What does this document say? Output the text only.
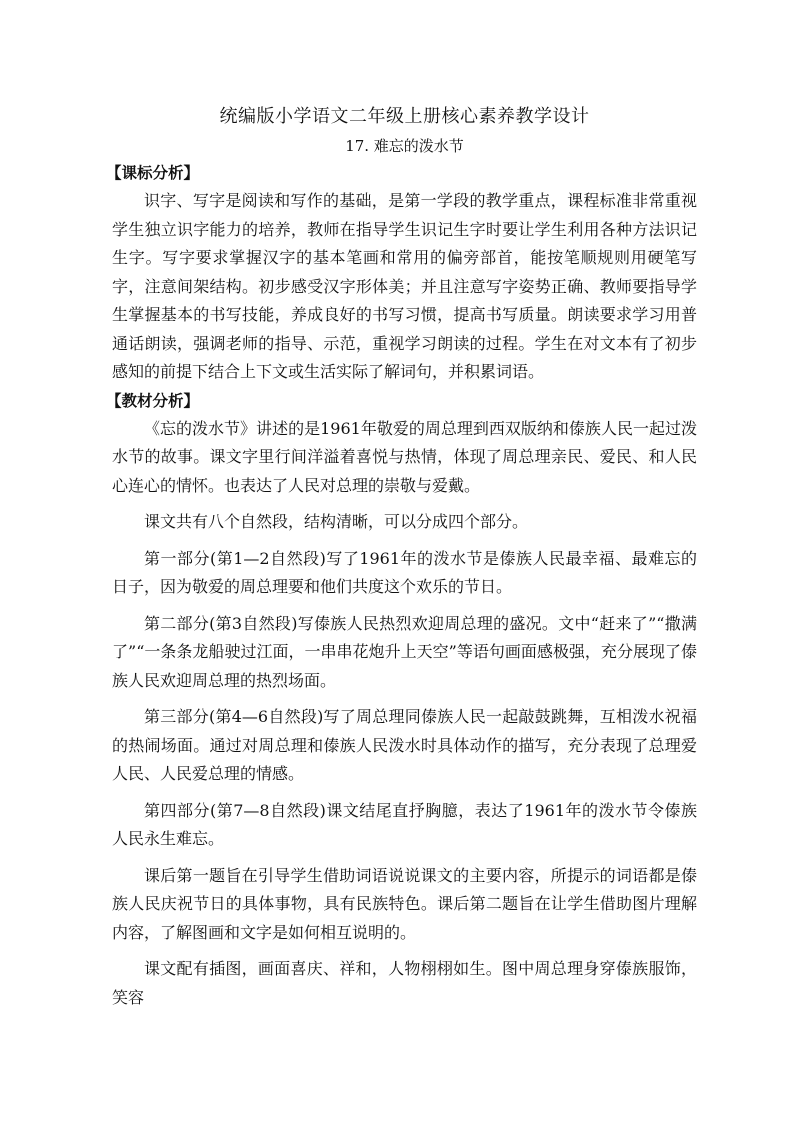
统编版小学语文二年级上册核心素养教学设计
17. 难忘的泼水节
【课标分析】

识字、写字是阅读和写作的基础，是第一学段的教学重点，课程标准非常重视学生独立识字能力的培养，教师在指导学生识记生字时要让学生利用各种方法识记生字。写字要求掌握汉字的基本笔画和常用的偏旁部首，能按笔顺规则用硬笔写字，注意间架结构。初步感受汉字形体美；并且注意写字姿势正确、教师要指导学生掌握基本的书写技能，养成良好的书写习惯，提高书写质量。朗读要求学习用普通话朗读，强调老师的指导、示范，重视学习朗读的过程。学生在对文本有了初步感知的前提下结合上下文或生活实际了解词句，并积累词语。

【教材分析】

《忘的泼水节》讲述的是1961年敬爱的周总理到西双版纳和傣族人民一起过泼水节的故事。课文字里行间洋溢着喜悦与热情，体现了周总理亲民、爱民、和人民心连心的情怀。也表达了人民对总理的崇敬与爱戴。

课文共有八个自然段，结构清晰，可以分成四个部分。

第一部分(第1—2自然段)写了1961年的泼水节是傣族人民最幸福、最难忘的日子，因为敬爱的周总理要和他们共度这个欢乐的节日。

第二部分(第3自然段)写傣族人民热烈欢迎周总理的盛况。文中“赶来了”“撒满了”“一条条龙船驶过江面，一串串花炮升上天空”等语句画面感极强，充分展现了傣族人民欢迎周总理的热烈场面。

第三部分(第4—6自然段)写了周总理同傣族人民一起敲鼓跳舞，互相泼水祝福的热闹场面。通过对周总理和傣族人民泼水时具体动作的描写，充分表现了总理爱人民、人民爱总理的情感。

第四部分(第7—8自然段)课文结尾直抒胸臆，表达了1961年的泼水节令傣族人民永生难忘。

课后第一题旨在引导学生借助词语说说课文的主要内容，所提示的词语都是傣族人民庆祝节日的具体事物，具有民族特色。课后第二题旨在让学生借助图片理解内容，了解图画和文字是如何相互说明的。

课文配有插图，画面喜庆、祥和，人物栩栩如生。图中周总理身穿傣族服饰，笑容
